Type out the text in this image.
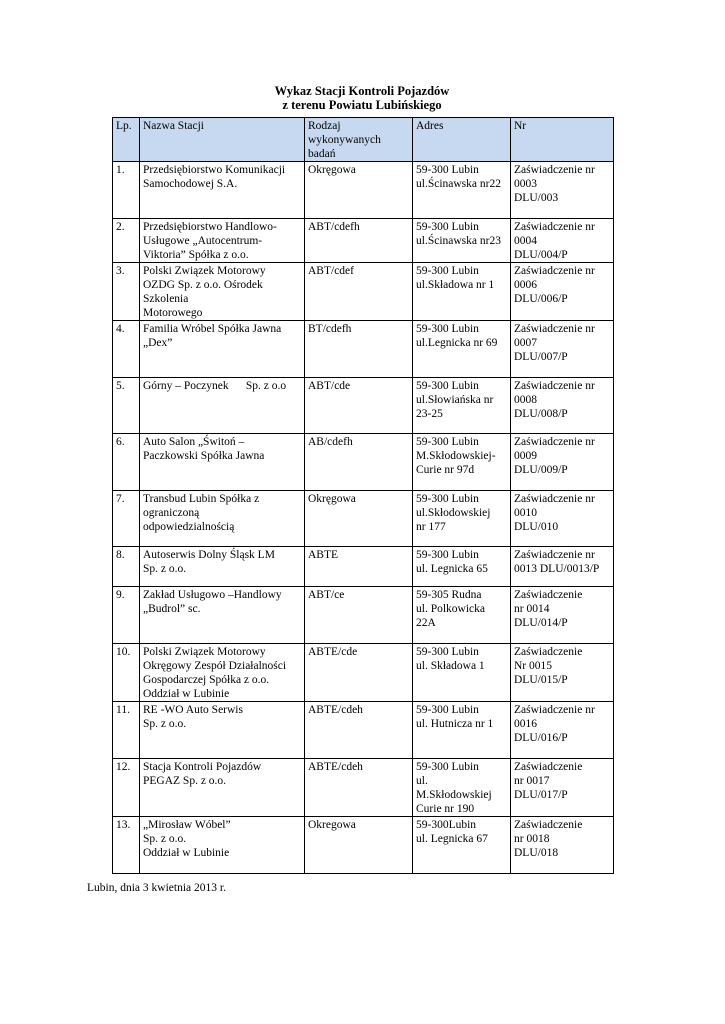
Wykaz Stacji Kontroli Pojazdów
z terenu Powiatu Lubińskiego
Lp.	Nazwa Stacji	Rodzaj
wykonywanych
badań	Adres	Nr
1.	Przedsiębiorstwo Komunikacji
Samochodowej S.A.	Okręgowa	59-300 Lubin
ul.Ścinawska nr22	Zaświadczenie nr
0003
DLU/003
2.	Przedsiębiorstwo Handlowo-
Usługowe „Autocentrum-
Viktoria” Spółka z o.o.	ABT/cdefh	59-300 Lubin
ul.Ścinawska nr23	Zaświadczenie nr
0004
DLU/004/P
3.	Polski Związek Motorowy
OZDG Sp. z o.o. Ośrodek
Szkolenia
Motorowego	ABT/cdef	59-300 Lubin
ul.Składowa nr 1	Zaświadczenie nr
0006
DLU/006/P
4.	Familia Wróbel Spółka Jawna
„Dex”	BT/cdefh	59-300 Lubin
ul.Legnicka nr 69	Zaświadczenie nr
0007
DLU/007/P
5.	Górny – Poczynek      Sp. z o.o	ABT/cde	59-300 Lubin
ul.Słowiańska nr
23-25	Zaświadczenie nr
0008
DLU/008/P
6.	Auto Salon „Świtoń –
Paczkowski Spółka Jawna	AB/cdefh	59-300 Lubin
M.Skłodowskiej-
Curie nr 97d	Zaświadczenie nr
0009
DLU/009/P
7.	Transbud Lubin Spółka z
ograniczoną
odpowiedzialnością	Okręgowa	59-300 Lubin
ul.Skłodowskiej
nr 177	Zaświadczenie nr
0010
DLU/010
8.	Autoserwis Dolny Śląsk LM
Sp. z o.o.	ABTE	59-300 Lubin
ul. Legnicka 65	Zaświadczenie nr
0013 DLU/0013/P
9.	Zakład Usługowo –Handlowy
„Budrol” sc.	ABT/ce	59-305 Rudna
ul. Polkowicka
22A	Zaświadczenie
nr 0014
DLU/014/P
10.	Polski Związek Motorowy
Okręgowy Zespół Działalności
Gospodarczej Spółka z o.o.
Oddział w Lubinie	ABTE/cde	59-300 Lubin
ul. Składowa 1	Zaświadczenie
Nr 0015
DLU/015/P
11.	RE -WO Auto Serwis
Sp. z o.o.	ABTE/cdeh	59-300 Lubin
ul. Hutnicza nr 1	Zaświadczenie nr
0016
DLU/016/P
12.	Stacja Kontroli Pojazdów
PEGAZ Sp. z o.o.	ABTE/cdeh	59-300 Lubin
ul.
M.Skłodowskiej
Curie nr 190	Zaświadczenie
nr 0017
DLU/017/P
13.	„Mirosław Wóbel”
Sp. z o.o.
Oddział w Lubinie	Okregowa	59-300Lubin
ul. Legnicka 67	Zaświadczenie
nr 0018
DLU/018
Lubin, dnia 3 kwietnia 2013 r.
